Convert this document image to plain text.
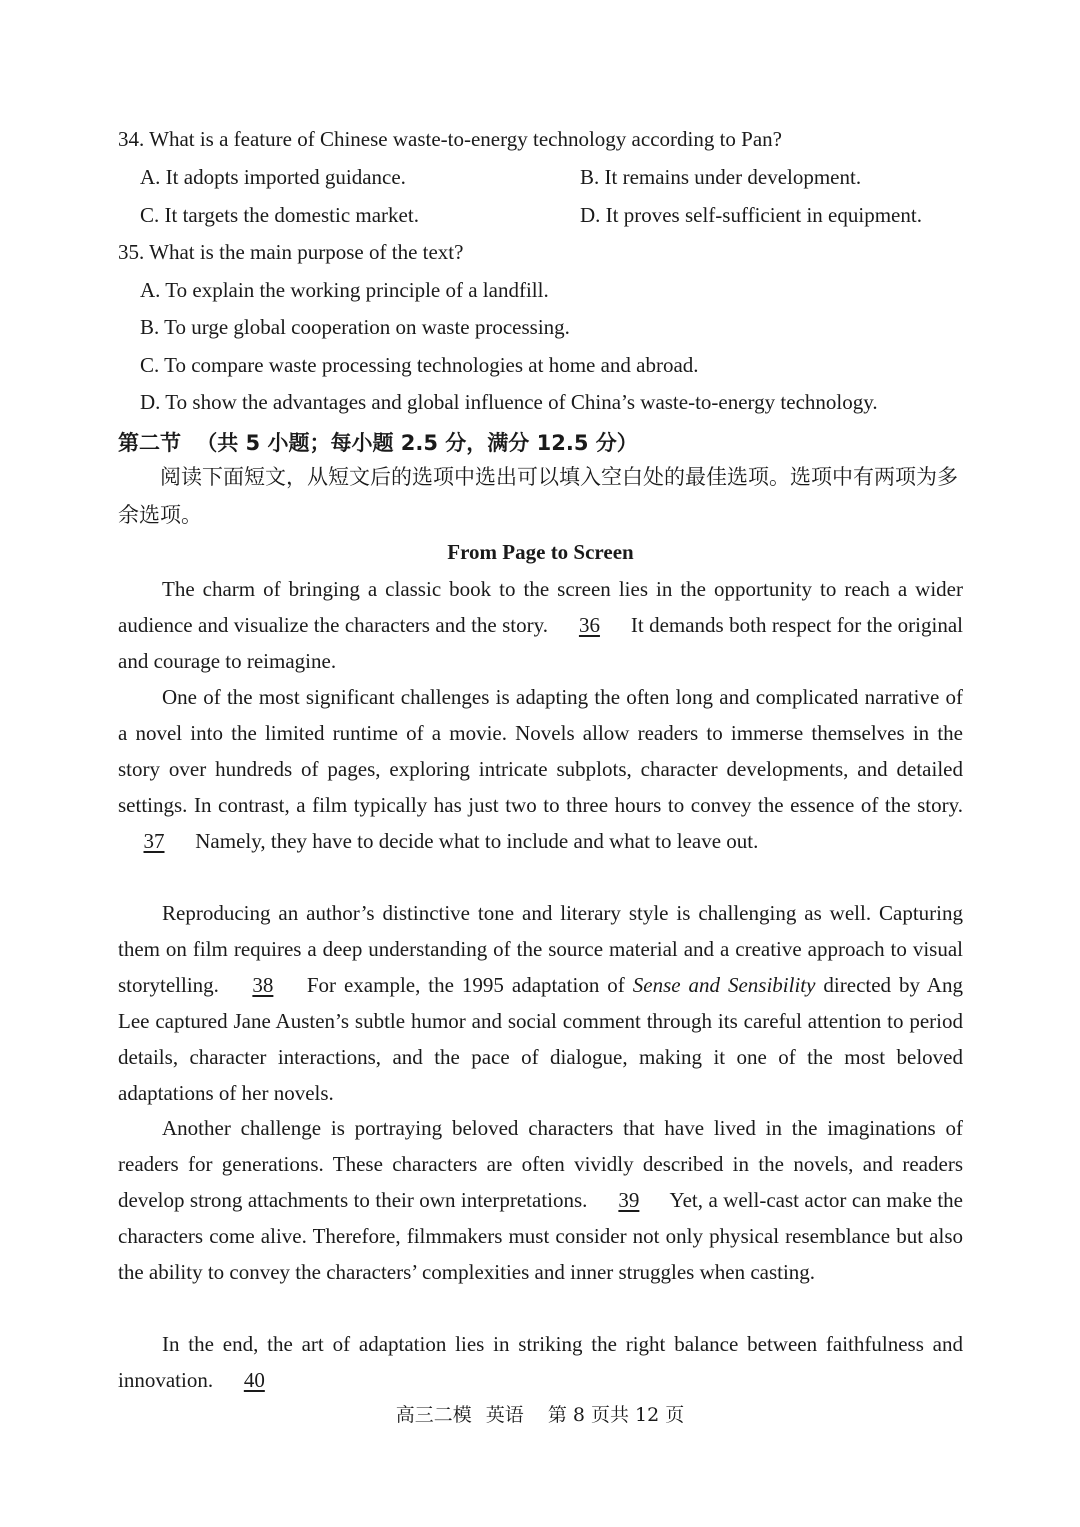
34. What is a feature of Chinese waste-to-energy technology according to Pan?
A. It adopts imported guidance.	B. It remains under development.
C. It targets the domestic market.	D. It proves self-sufficient in equipment.
35. What is the main purpose of the text?
A. To explain the working principle of a landfill.
B. To urge global cooperation on waste processing.
C. To compare waste processing technologies at home and abroad.
D. To show the advantages and global influence of China’s waste-to-energy technology.
第二节 （共 5 小题；每小题 2.5 分，满分 12.5 分）
阅读下面短文，从短文后的选项中选出可以填入空白处的最佳选项。选项中有两项为多余选项。
From Page to Screen
The charm of bringing a classic book to the screen lies in the opportunity to reach a wider audience and visualize the characters and the story. 36 It demands both respect for the original and courage to reimagine.
One of the most significant challenges is adapting the often long and complicated narrative of a novel into the limited runtime of a movie. Novels allow readers to immerse themselves in the story over hundreds of pages, exploring intricate subplots, character developments, and detailed settings. In contrast, a film typically has just two to three hours to convey the essence of the story. 37 Namely, they have to decide what to include and what to leave out.
Reproducing an author’s distinctive tone and literary style is challenging as well. Capturing them on film requires a deep understanding of the source material and a creative approach to visual storytelling. 38 For example, the 1995 adaptation of Sense and Sensibility directed by Ang Lee captured Jane Austen’s subtle humor and social comment through its careful attention to period details, character interactions, and the pace of dialogue, making it one of the most beloved adaptations of her novels.
Another challenge is portraying beloved characters that have lived in the imaginations of readers for generations. These characters are often vividly described in the novels, and readers develop strong attachments to their own interpretations. 39 Yet, a well-cast actor can make the characters come alive. Therefore, filmmakers must consider not only physical resemblance but also the ability to convey the characters’ complexities and inner struggles when casting.
In the end, the art of adaptation lies in striking the right balance between faithfulness and innovation. 40
高三二模 英语 第 8 页共 12 页
